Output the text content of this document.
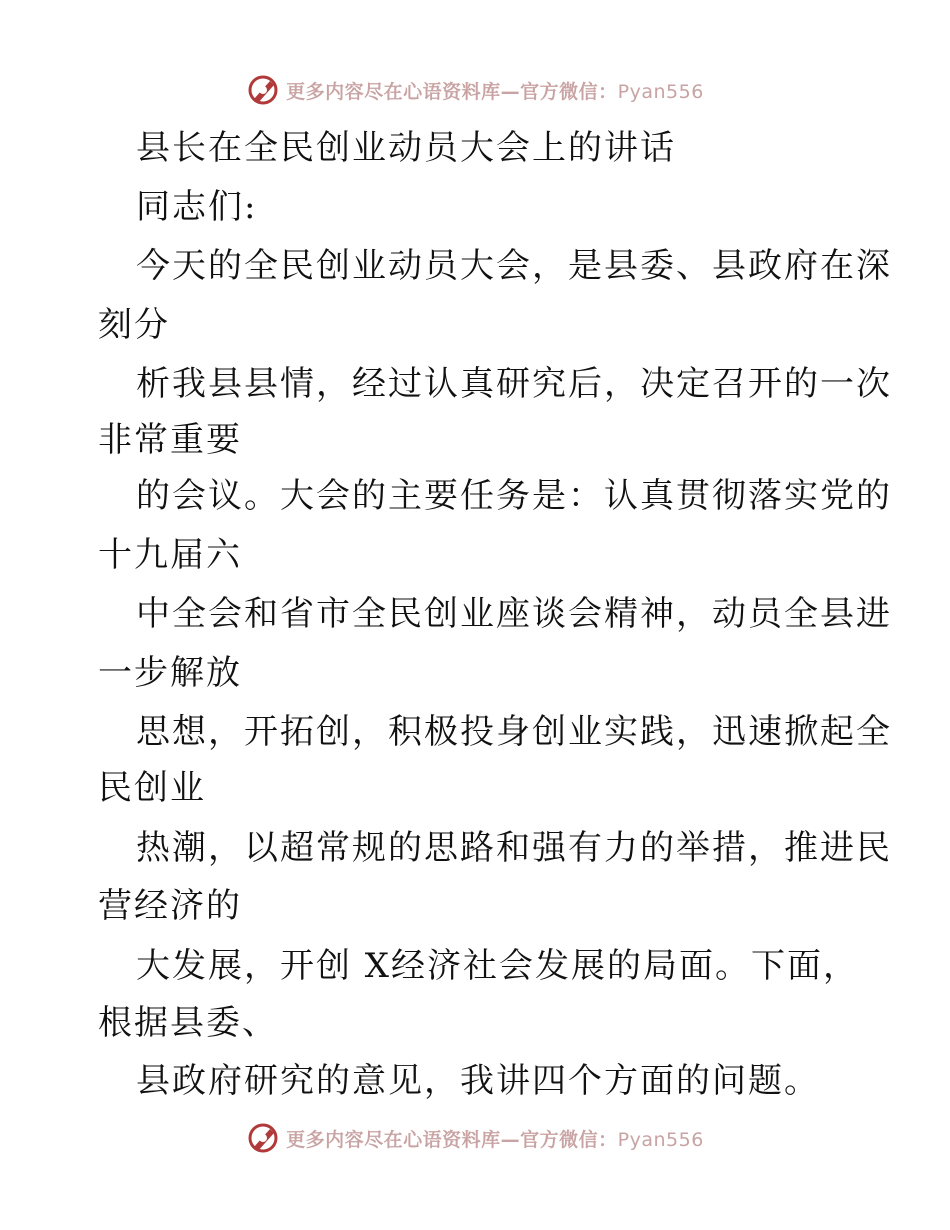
更多内容尽在心语资料库—官方微信：Pyan556
县长在全民创业动员大会上的讲话
同志们:
今天的全民创业动员大会，是县委、县政府在深
刻分
析我县县情，经过认真研究后，决定召开的一次
非常重要
的会议。大会的主要任务是：认真贯彻落实党的
十九届六
中全会和省市全民创业座谈会精神，动员全县进
一步解放
思想，开拓创，积极投身创业实践，迅速掀起全
民创业
热潮，以超常规的思路和强有力的举措，推进民
营经济的
大发展，开创 X经济社会发展的局面。下面，
根据县委、
县政府研究的意见，我讲四个方面的问题。
更多内容尽在心语资料库—官方微信：Pyan556
